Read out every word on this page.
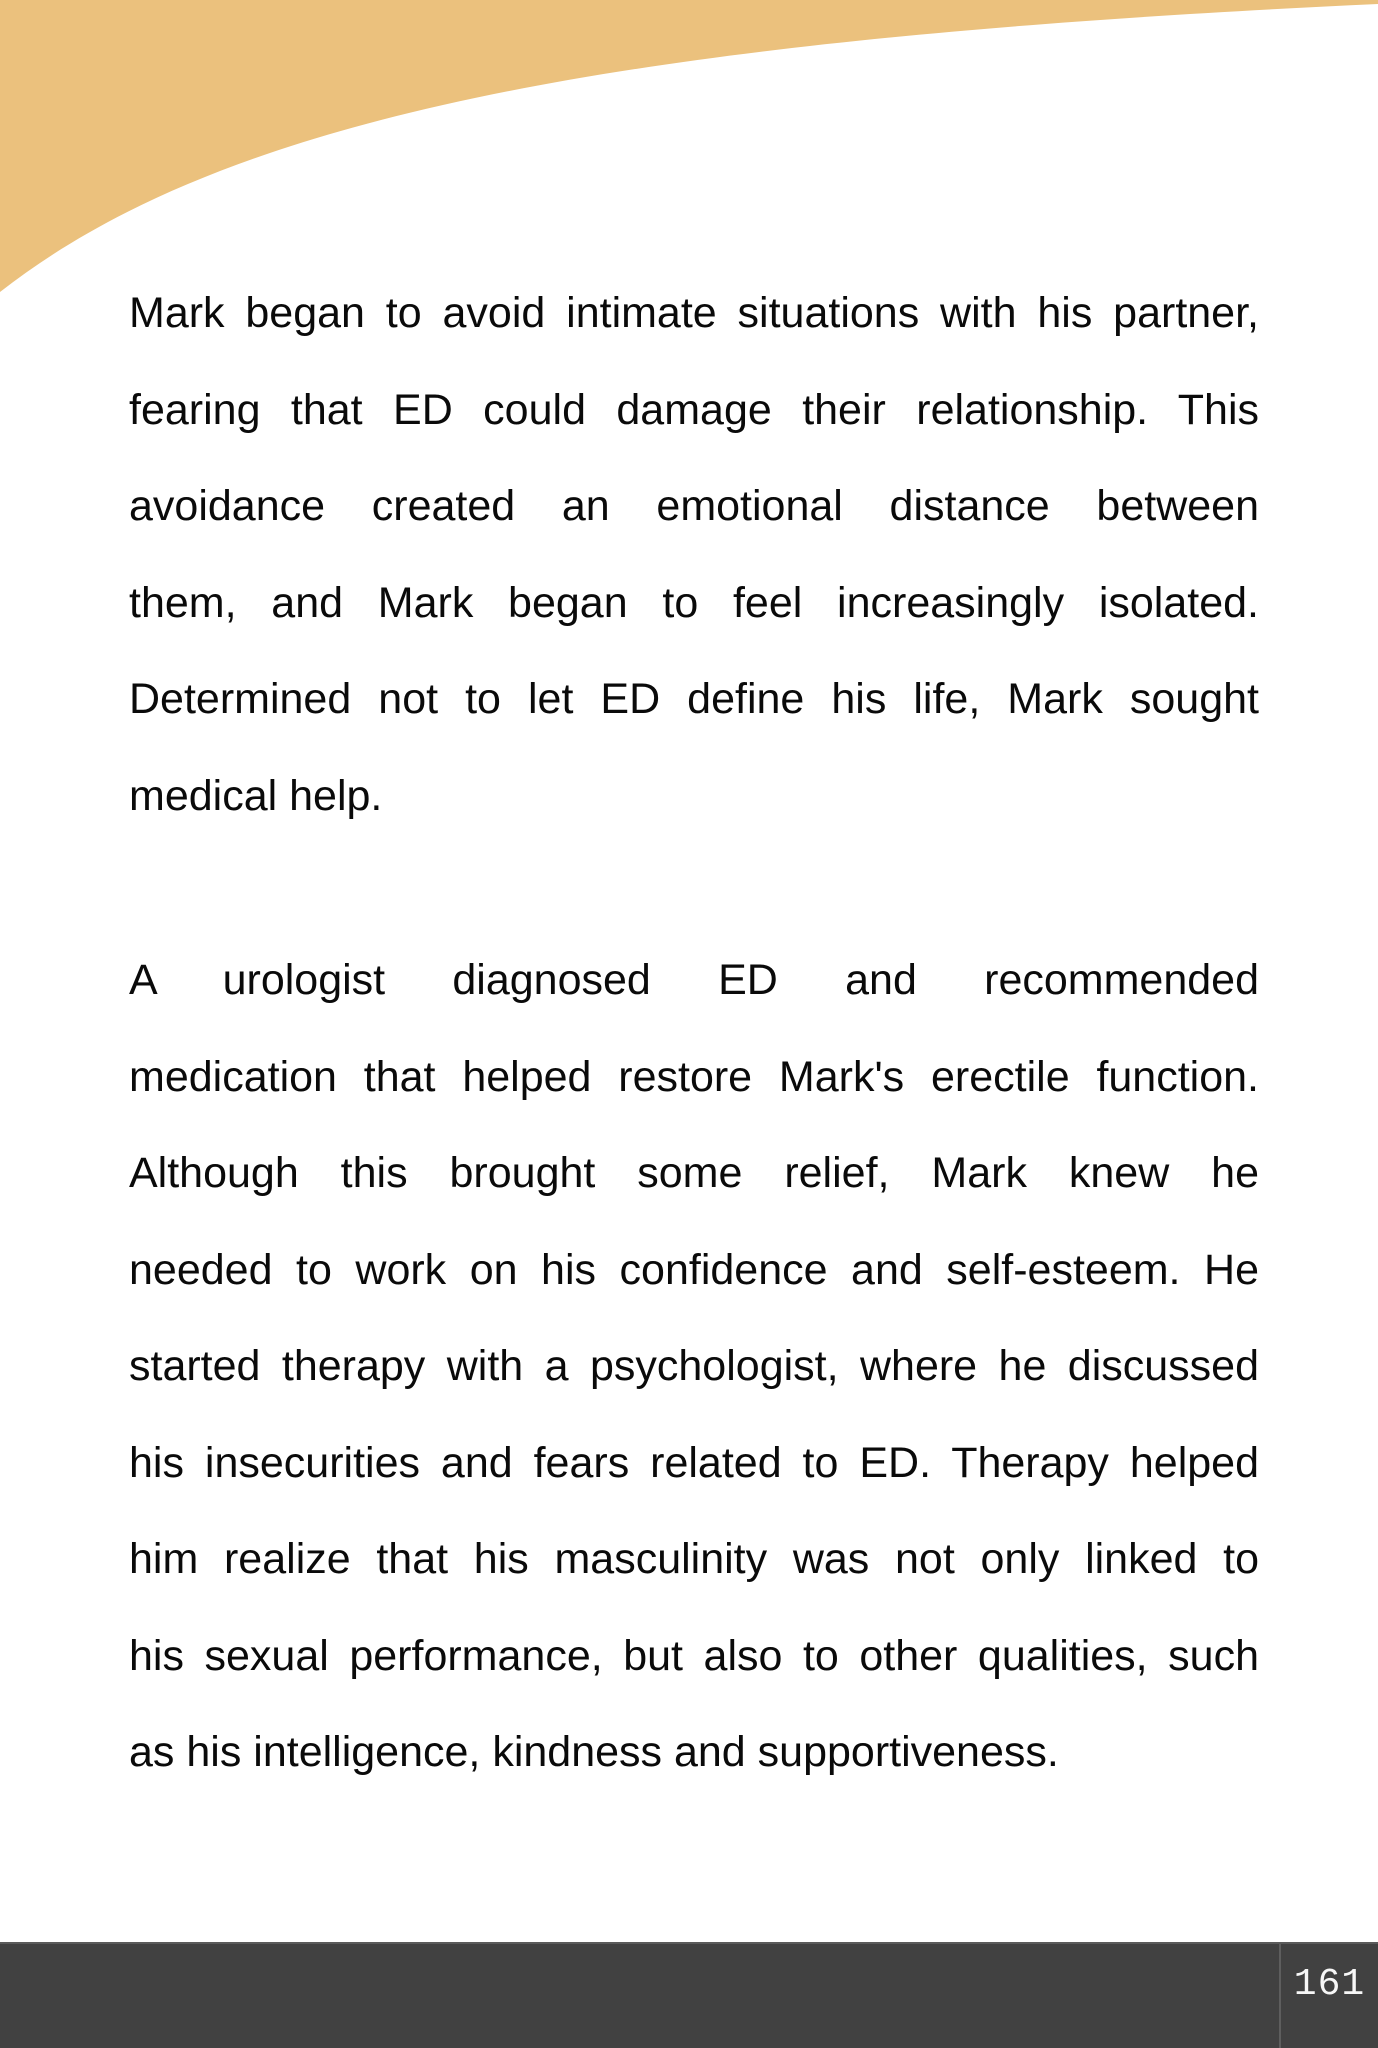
Mark began to avoid intimate situations with his partner,
fearing that ED could damage their relationship. This
avoidance created an emotional distance between
them, and Mark began to feel increasingly isolated.
Determined not to let ED define his life, Mark sought
medical help.
A urologist diagnosed ED and recommended
medication that helped restore Mark's erectile function.
Although this brought some relief, Mark knew he
needed to work on his confidence and self-esteem. He
started therapy with a psychologist, where he discussed
his insecurities and fears related to ED. Therapy helped
him realize that his masculinity was not only linked to
his sexual performance, but also to other qualities, such
as his intelligence, kindness and supportiveness.
161
